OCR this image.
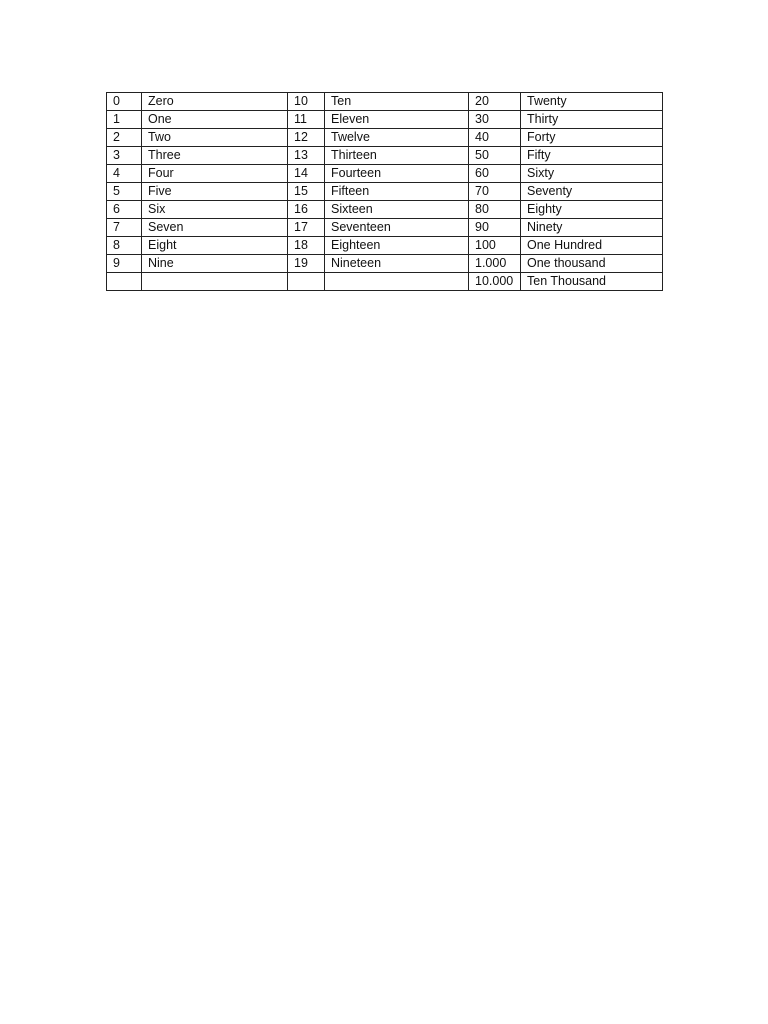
0	Zero	10	Ten	20	Twenty
1	One	11	Eleven	30	Thirty
2	Two	12	Twelve	40	Forty
3	Three	13	Thirteen	50	Fifty
4	Four	14	Fourteen	60	Sixty
5	Five	15	Fifteen	70	Seventy
6	Six	16	Sixteen	80	Eighty
7	Seven	17	Seventeen	90	Ninety
8	Eight	18	Eighteen	100	One Hundred
9	Nine	19	Nineteen	1.000	One thousand
				10.000	Ten Thousand
